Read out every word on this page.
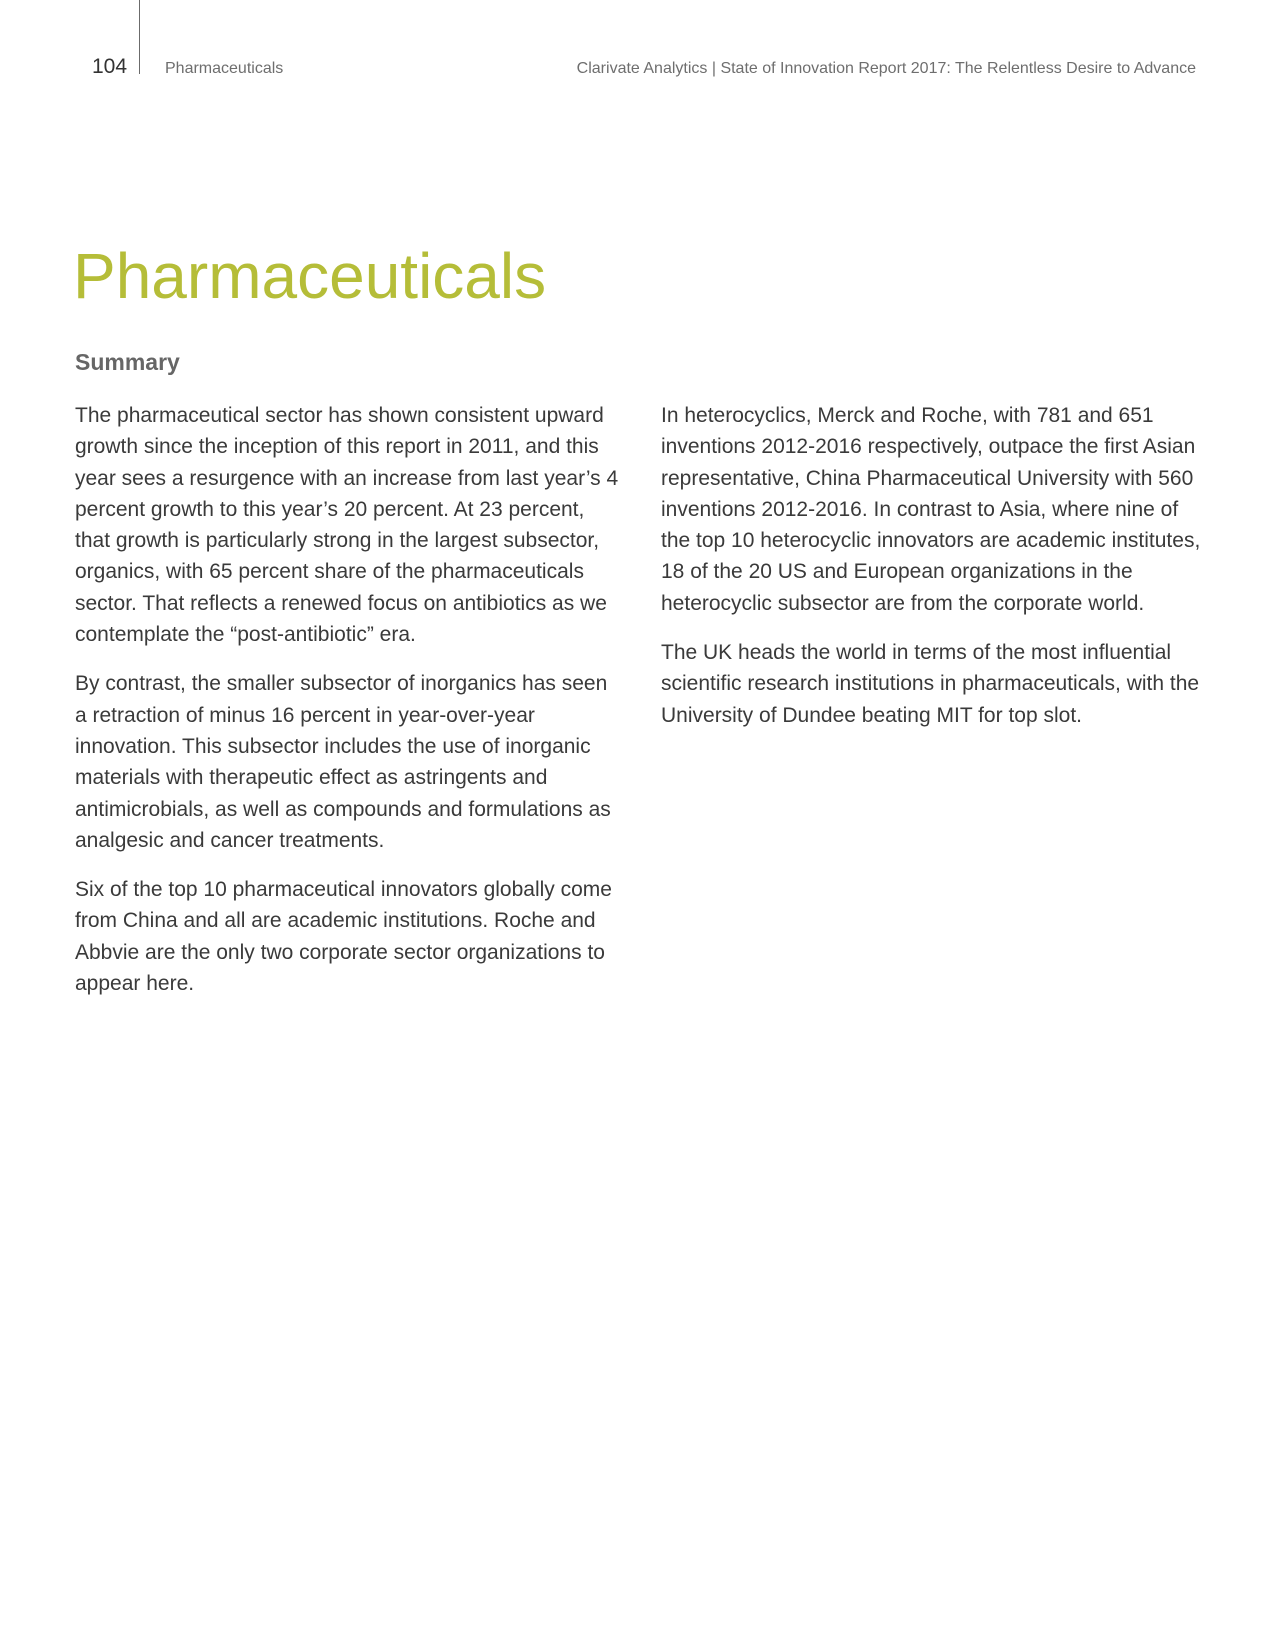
104 Pharmaceuticals	Clarivate Analytics | State of Innovation Report 2017: The Relentless Desire to Advance
Pharmaceuticals
Summary

The pharmaceutical sector has shown consistent upward growth since the inception of this report in 2011, and this year sees a resurgence with an increase from last year’s 4 percent growth to this year’s 20 percent. At 23 percent, that growth is particularly strong in the largest subsector, organics, with 65 percent share of the pharmaceuticals sector. That reflects a renewed focus on antibiotics as we contemplate the “post-antibiotic” era.

By contrast, the smaller subsector of inorganics has seen a retraction of minus 16 percent in year-over-year innovation. This subsector includes the use of inorganic materials with therapeutic effect as astringents and antimicrobials, as well as compounds and formulations as analgesic and cancer treatments.

Six of the top 10 pharmaceutical innovators globally come from China and all are academic institutions. Roche and Abbvie are the only two corporate sector organizations to appear here.

In heterocyclics, Merck and Roche, with 781 and 651 inventions 2012-2016 respectively, outpace the first Asian representative, China Pharmaceutical University with 560 inventions 2012-2016. In contrast to Asia, where nine of the top 10 heterocyclic innovators are academic institutes, 18 of the 20 US and European organizations in the heterocyclic subsector are from the corporate world.

The UK heads the world in terms of the most influential scientific research institutions in pharmaceuticals, with the University of Dundee beating MIT for top slot.
